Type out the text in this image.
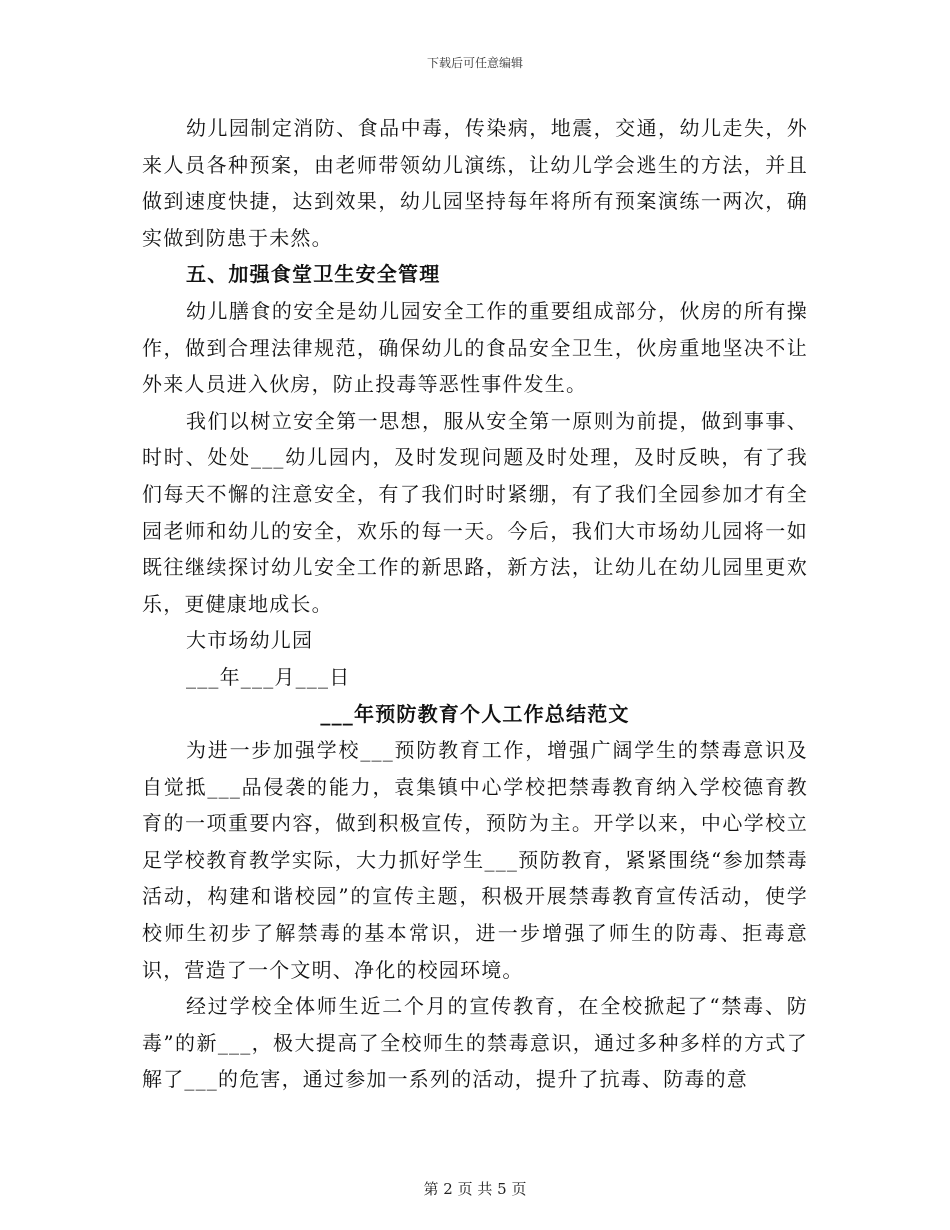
下载后可任意编辑

幼儿园制定消防、食品中毒，传染病，地震，交通，幼儿走失，外来人员各种预案，由老师带领幼儿演练，让幼儿学会逃生的方法，并且做到速度快捷，达到效果，幼儿园坚持每年将所有预案演练一两次，确实做到防患于未然。

五、加强食堂卫生安全管理

幼儿膳食的安全是幼儿园安全工作的重要组成部分，伙房的所有操作，做到合理法律规范，确保幼儿的食品安全卫生，伙房重地坚决不让外来人员进入伙房，防止投毒等恶性事件发生。

我们以树立安全第一思想，服从安全第一原则为前提，做到事事、时时、处处___幼儿园内，及时发现问题及时处理，及时反映，有了我们每天不懈的注意安全，有了我们时时紧绷，有了我们全园参加才有全园老师和幼儿的安全，欢乐的每一天。今后，我们大市场幼儿园将一如既往继续探讨幼儿安全工作的新思路，新方法，让幼儿在幼儿园里更欢乐，更健康地成长。

大市场幼儿园

___年___月___日

___年预防教育个人工作总结范文

为进一步加强学校___预防教育工作，增强广阔学生的禁毒意识及自觉抵___品侵袭的能力，袁集镇中心学校把禁毒教育纳入学校德育教育的一项重要内容，做到积极宣传，预防为主。开学以来，中心学校立足学校教育教学实际，大力抓好学生___预防教育，紧紧围绕“参加禁毒活动，构建和谐校园”的宣传主题，积极开展禁毒教育宣传活动，使学校师生初步了解禁毒的基本常识，进一步增强了师生的防毒、拒毒意识，营造了一个文明、净化的校园环境。

经过学校全体师生近二个月的宣传教育，在全校掀起了“禁毒、防毒”的新___，极大提高了全校师生的禁毒意识，通过多种多样的方式了解了___的危害，通过参加一系列的活动，提升了抗毒、防毒的意

第 2 页 共 5 页
